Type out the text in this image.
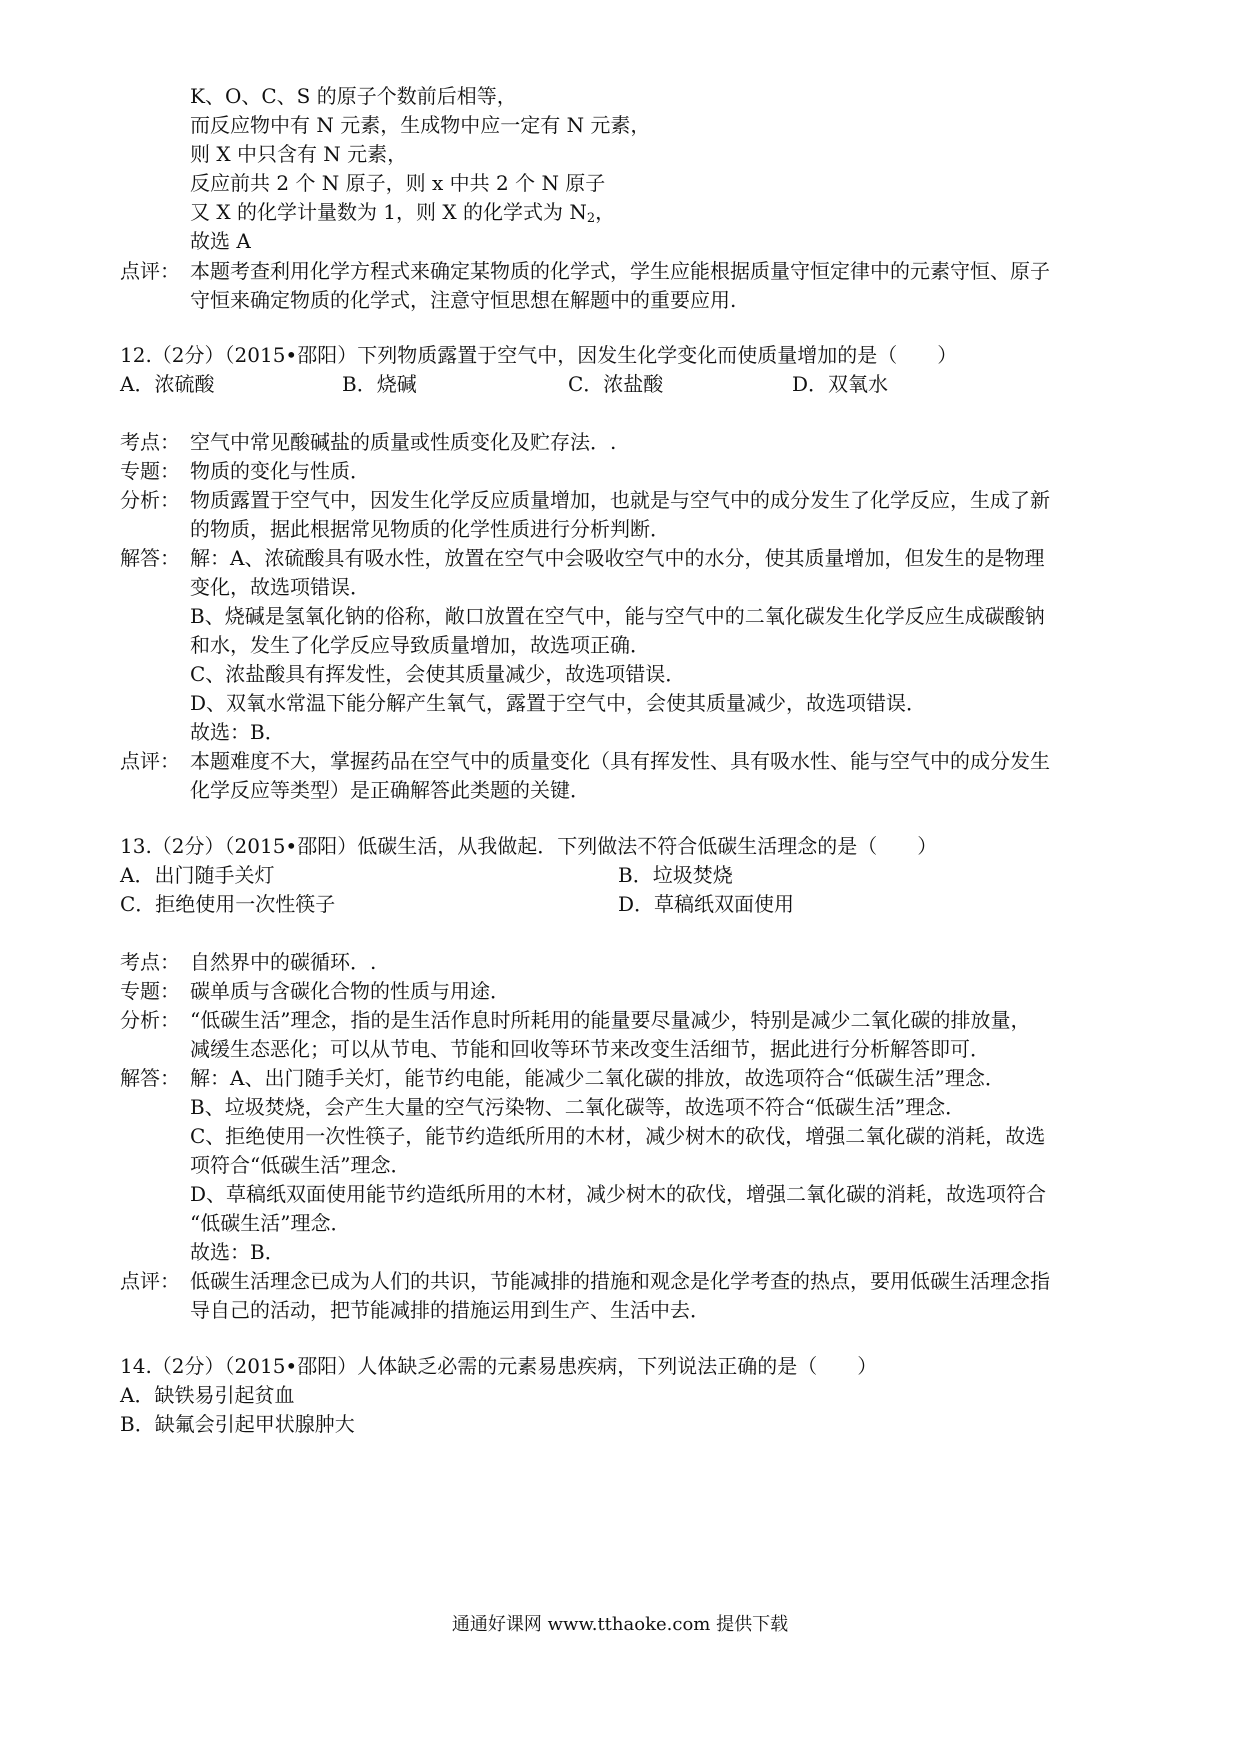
K、O、C、S 的原子个数前后相等，
而反应物中有 N 元素，生成物中应一定有 N 元素，
则 X 中只含有 N 元素，
反应前共 2 个 N 原子，则 x 中共 2 个 N 原子
又 X 的化学计量数为 1，则 X 的化学式为 $N_2$，
故选 A
点评： 本题考查利用化学方程式来确定某物质的化学式，学生应能根据质量守恒定律中的元素守恒、原子
守恒来确定物质的化学式，注意守恒思想在解题中的重要应用.
12.（2分）（2015•邵阳）下列物质露置于空气中，因发生化学变化而使质量增加的是（　　）
A．浓硫酸	B．烧碱	C．浓盐酸	D．双氧水
考点： 空气中常见酸碱盐的质量或性质变化及贮存法．.
专题： 物质的变化与性质．
分析： 物质露置于空气中，因发生化学反应质量增加，也就是与空气中的成分发生了化学反应，生成了新
的物质，据此根据常见物质的化学性质进行分析判断．
解答： 解：A、浓硫酸具有吸水性，放置在空气中会吸收空气中的水分，使其质量增加，但发生的是物理
变化，故选项错误．
B、烧碱是氢氧化钠的俗称，敞口放置在空气中，能与空气中的二氧化碳发生化学反应生成碳酸钠
和水，发生了化学反应导致质量增加，故选项正确．
C、浓盐酸具有挥发性，会使其质量减少，故选项错误．
D、双氧水常温下能分解产生氧气，露置于空气中，会使其质量减少，故选项错误．
故选：B．
点评： 本题难度不大，掌握药品在空气中的质量变化（具有挥发性、具有吸水性、能与空气中的成分发生
化学反应等类型）是正确解答此类题的关键．
13.（2分）（2015•邵阳）低碳生活，从我做起．下列做法不符合低碳生活理念的是（　　）
A．出门随手关灯	B．垃圾焚烧
C．拒绝使用一次性筷子	D．草稿纸双面使用
考点： 自然界中的碳循环．.
专题： 碳单质与含碳化合物的性质与用途．
分析： “低碳生活”理念，指的是生活作息时所耗用的能量要尽量减少，特别是减少二氧化碳的排放量，
减缓生态恶化；可以从节电、节能和回收等环节来改变生活细节，据此进行分析解答即可．
解答： 解：A、出门随手关灯，能节约电能，能减少二氧化碳的排放，故选项符合“低碳生活”理念．
B、垃圾焚烧，会产生大量的空气污染物、二氧化碳等，故选项不符合“低碳生活”理念．
C、拒绝使用一次性筷子，能节约造纸所用的木材，减少树木的砍伐，增强二氧化碳的消耗，故选
项符合“低碳生活”理念．
D、草稿纸双面使用能节约造纸所用的木材，减少树木的砍伐，增强二氧化碳的消耗，故选项符合
“低碳生活”理念．
故选：B．
点评： 低碳生活理念已成为人们的共识，节能减排的措施和观念是化学考查的热点，要用低碳生活理念指
导自己的活动，把节能减排的措施运用到生产、生活中去．
14.（2分）（2015•邵阳）人体缺乏必需的元素易患疾病，下列说法正确的是（　　）
A．缺铁易引起贫血
B．缺氟会引起甲状腺肿大
通通好课网 www.tthaoke.com 提供下载
